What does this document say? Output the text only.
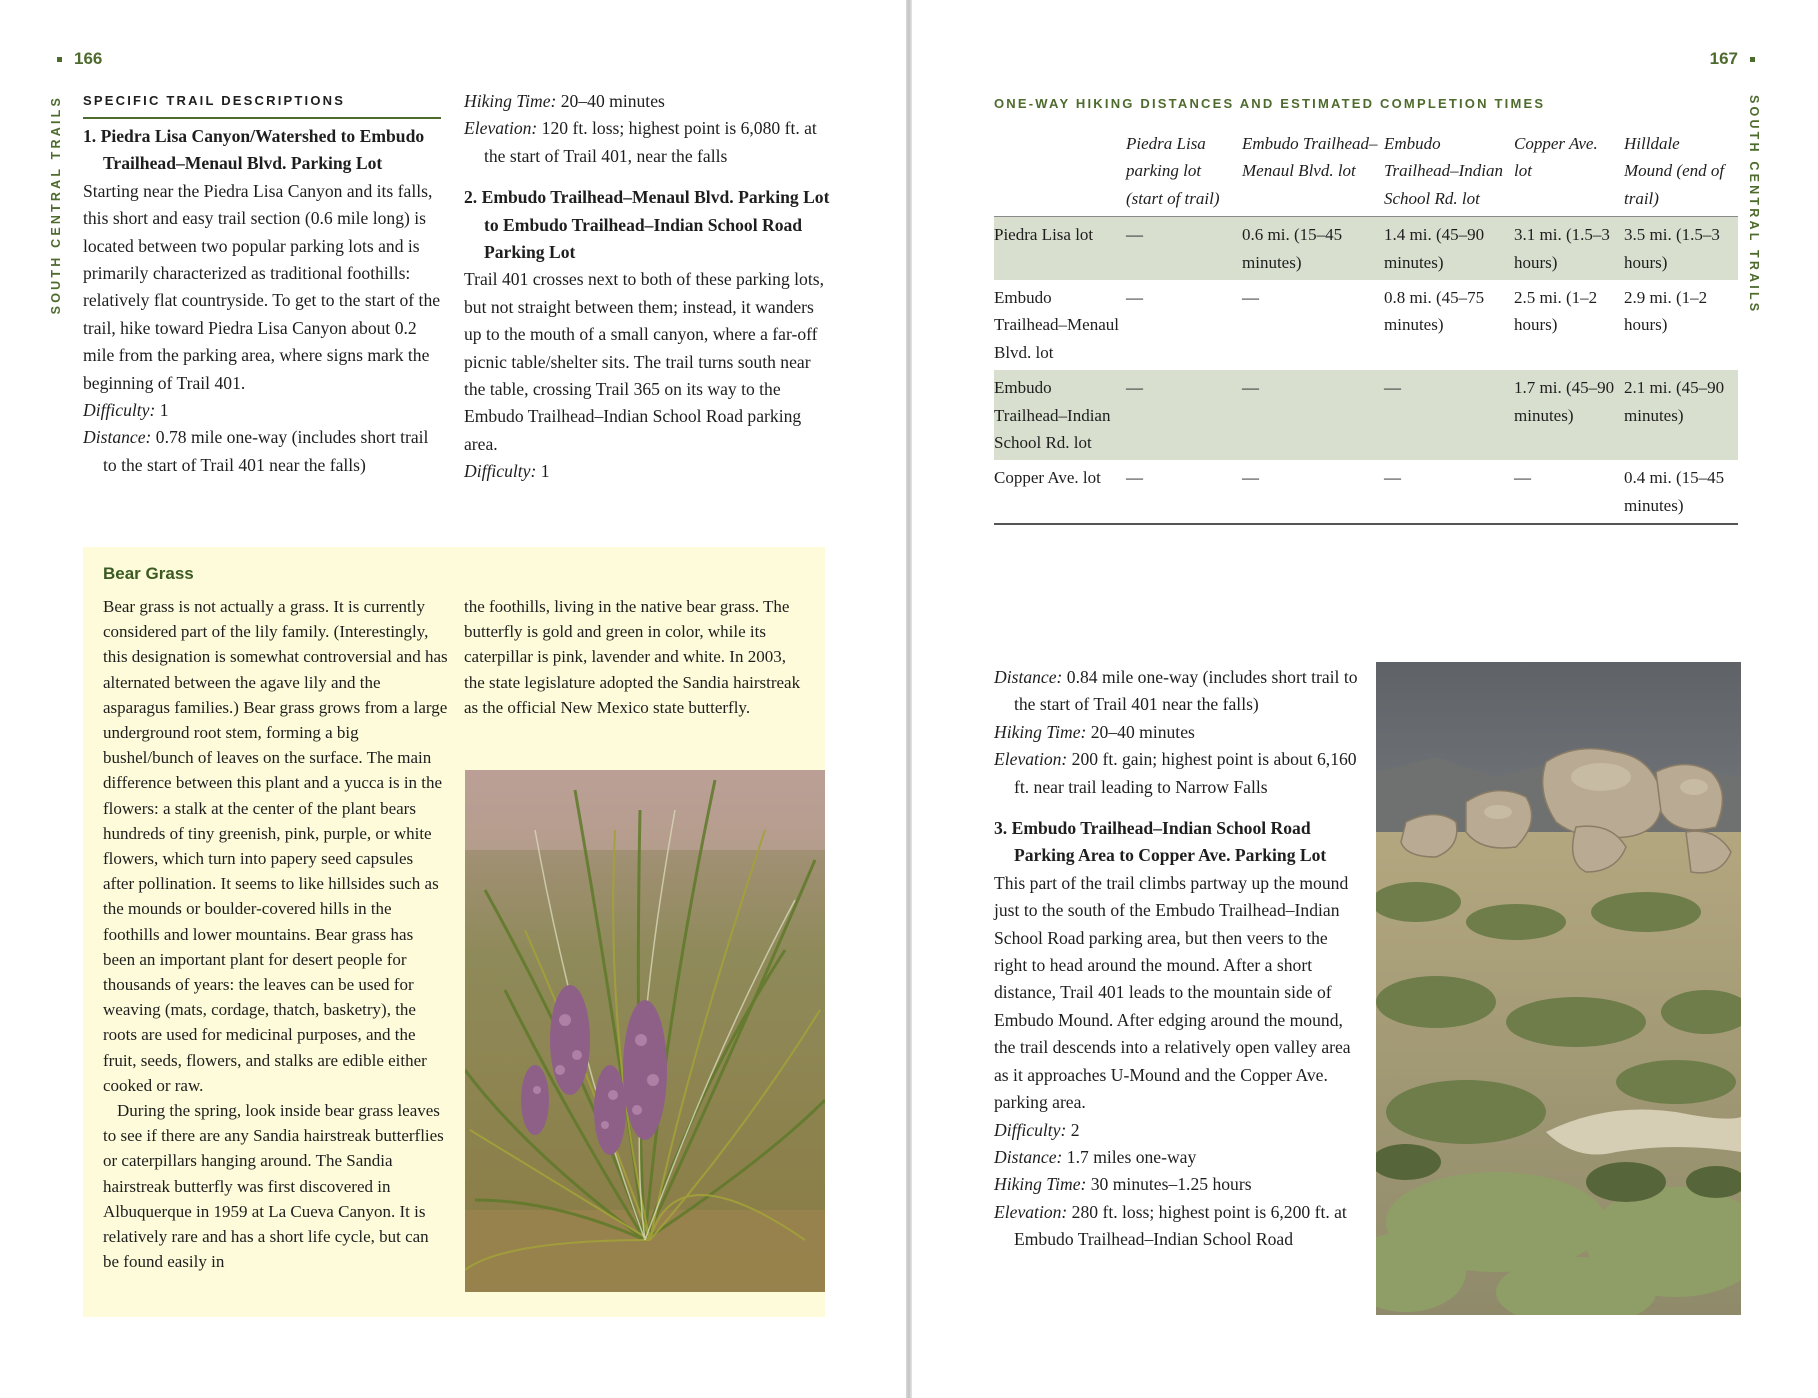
166
SOUTH CENTRAL TRAILS SPECIFIC TRAIL DESCRIPTIONS

1. Piedra Lisa Canyon/Watershed to Embudo Trailhead–Menaul Blvd. Parking Lot

Starting near the Piedra Lisa Canyon and its falls, this short and easy trail section (0.6 mile long) is located between two popular parking lots and is primarily characterized as traditional foothills: relatively flat countryside. To get to the start of the trail, hike toward Piedra Lisa Canyon about 0.2 mile from the parking area, where signs mark the beginning of Trail 401.

Difficulty: 1

Distance: 0.78 mile one-way (includes short trail to the start of Trail 401 near the falls)

Hiking Time: 20–40 minutes

Elevation: 120 ft. loss; highest point is 6,080 ft. at the start of Trail 401, near the falls

2. Embudo Trailhead–Menaul Blvd. Parking Lot to Embudo Trailhead–Indian School Road Parking Lot

Trail 401 crosses next to both of these parking lots, but not straight between them; instead, it wanders up to the mouth of a small canyon, where a far-off picnic table/shelter sits. The trail turns south near the table, crossing Trail 365 on its way to the Embudo Trailhead–Indian School Road parking area.

Difficulty: 1

Bear Grass

Bear grass is not actually a grass. It is currently considered part of the lily family. (Interestingly, this designation is somewhat controversial and has alternated between the agave lily and the asparagus families.) Bear grass grows from a large underground root stem, forming a big bushel/bunch of leaves on the surface. The main difference between this plant and a yucca is in the flowers: a stalk at the center of the plant bears hundreds of tiny greenish, pink, purple, or white flowers, which turn into papery seed capsules after pollination. It seems to like hillsides such as the mounds or boulder-covered hills in the foothills and lower mountains. Bear grass has been an important plant for desert people for thousands of years: the leaves can be used for weaving (mats, cordage, thatch, basketry), the roots are used for medicinal purposes, and the fruit, seeds, flowers, and stalks are edible either cooked or raw.

During the spring, look inside bear grass leaves to see if there are any Sandia hairstreak butterflies or caterpillars hanging around. The Sandia hairstreak butterfly was first discovered in Albuquerque in 1959 at La Cueva Canyon. It is relatively rare and has a short life cycle, but can be found easily in

the foothills, living in the native bear grass. The butterfly is gold and green in color, while its caterpillar is pink, lavender and white. In 2003, the state legislature adopted the Sandia hairstreak as the official New Mexico state butterfly.

167
SOUTH CENTRAL TRAILS
ONE-WAY HIKING DISTANCES AND ESTIMATED COMPLETION TIMES
	Piedra Lisa parking lot (start of trail)	Embudo Trailhead–Menaul Blvd. lot	Embudo Trailhead–Indian School Rd. lot	Copper Ave. lot	Hilldale Mound (end of trail)
Piedra Lisa lot	—	0.6 mi. (15–45 minutes)	1.4 mi. (45–90 minutes)	3.1 mi. (1.5–3 hours)	3.5 mi. (1.5–3 hours)
Embudo Trailhead–Menaul Blvd. lot	—	—	0.8 mi. (45–75 minutes)	2.5 mi. (1–2 hours)	2.9 mi. (1–2 hours)
Embudo Trailhead–Indian School Rd. lot	—	—	—	1.7 mi. (45–90 minutes)	2.1 mi. (45–90 minutes)
Copper Ave. lot	—	—	—	—	0.4 mi. (15–45 minutes)

Distance: 0.84 mile one-way (includes short trail to the start of Trail 401 near the falls)

Hiking Time: 20–40 minutes

Elevation: 200 ft. gain; highest point is about 6,160 ft. near trail leading to Narrow Falls

3. Embudo Trailhead–Indian School Road Parking Area to Copper Ave. Parking Lot

This part of the trail climbs partway up the mound just to the south of the Embudo Trailhead–Indian School Road parking area, but then veers to the right to head around the mound. After a short distance, Trail 401 leads to the mountain side of Embudo Mound. After edging around the mound, the trail descends into a relatively open valley area as it approaches U-Mound and the Copper Ave. parking area.

Difficulty: 2

Distance: 1.7 miles one-way

Hiking Time: 30 minutes–1.25 hours

Elevation: 280 ft. loss; highest point is 6,200 ft. at Embudo Trailhead–Indian School Road
